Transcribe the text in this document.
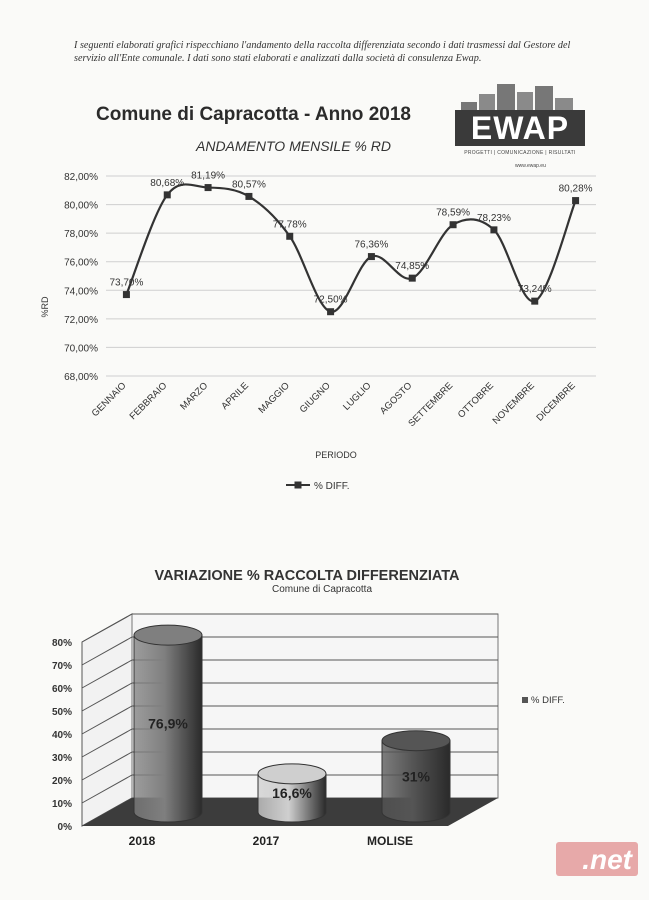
I seguenti elaborati grafici rispecchiano l'andamento della raccolta differenziata secondo i dati trasmessi dal Gestore del servizio all'Ente comunale. I dati sono stati elaborati e analizzati dalla società di consulenza Ewap.
Comune di Capracotta - Anno 2018
ANDAMENTO MENSILE % RD	EWAP
PROGETTI | COMUNICAZIONE | RISULTATI
www.ewap.eu
68,00%
70,00%
72,00%
74,00%
76,00%
78,00%
80,00%
82,00%
GENNAIO FEBBRAIO MARZO APRILE MAGGIO GIUGNO LUGLIO AGOSTO
SETTEMBRE OTTOBRE
NOVEMBRE
DICEMBRE
PERIODO
%RD
73,70%
80,68%
81,19%
80,57%
77,78%
72,50%
76,36%
74,85%
78,59% 78,23%
73,24%
80,28%
% DIFF.
VARIAZIONE % RACCOLTA DIFFERENZIATA
Comune di Capracotta
0%
10%
20%
30%
40%
50%
60%
70%
80%
76,9%
2018
16,6%
2017
31%
MOLISE
% DIFF.
.net
